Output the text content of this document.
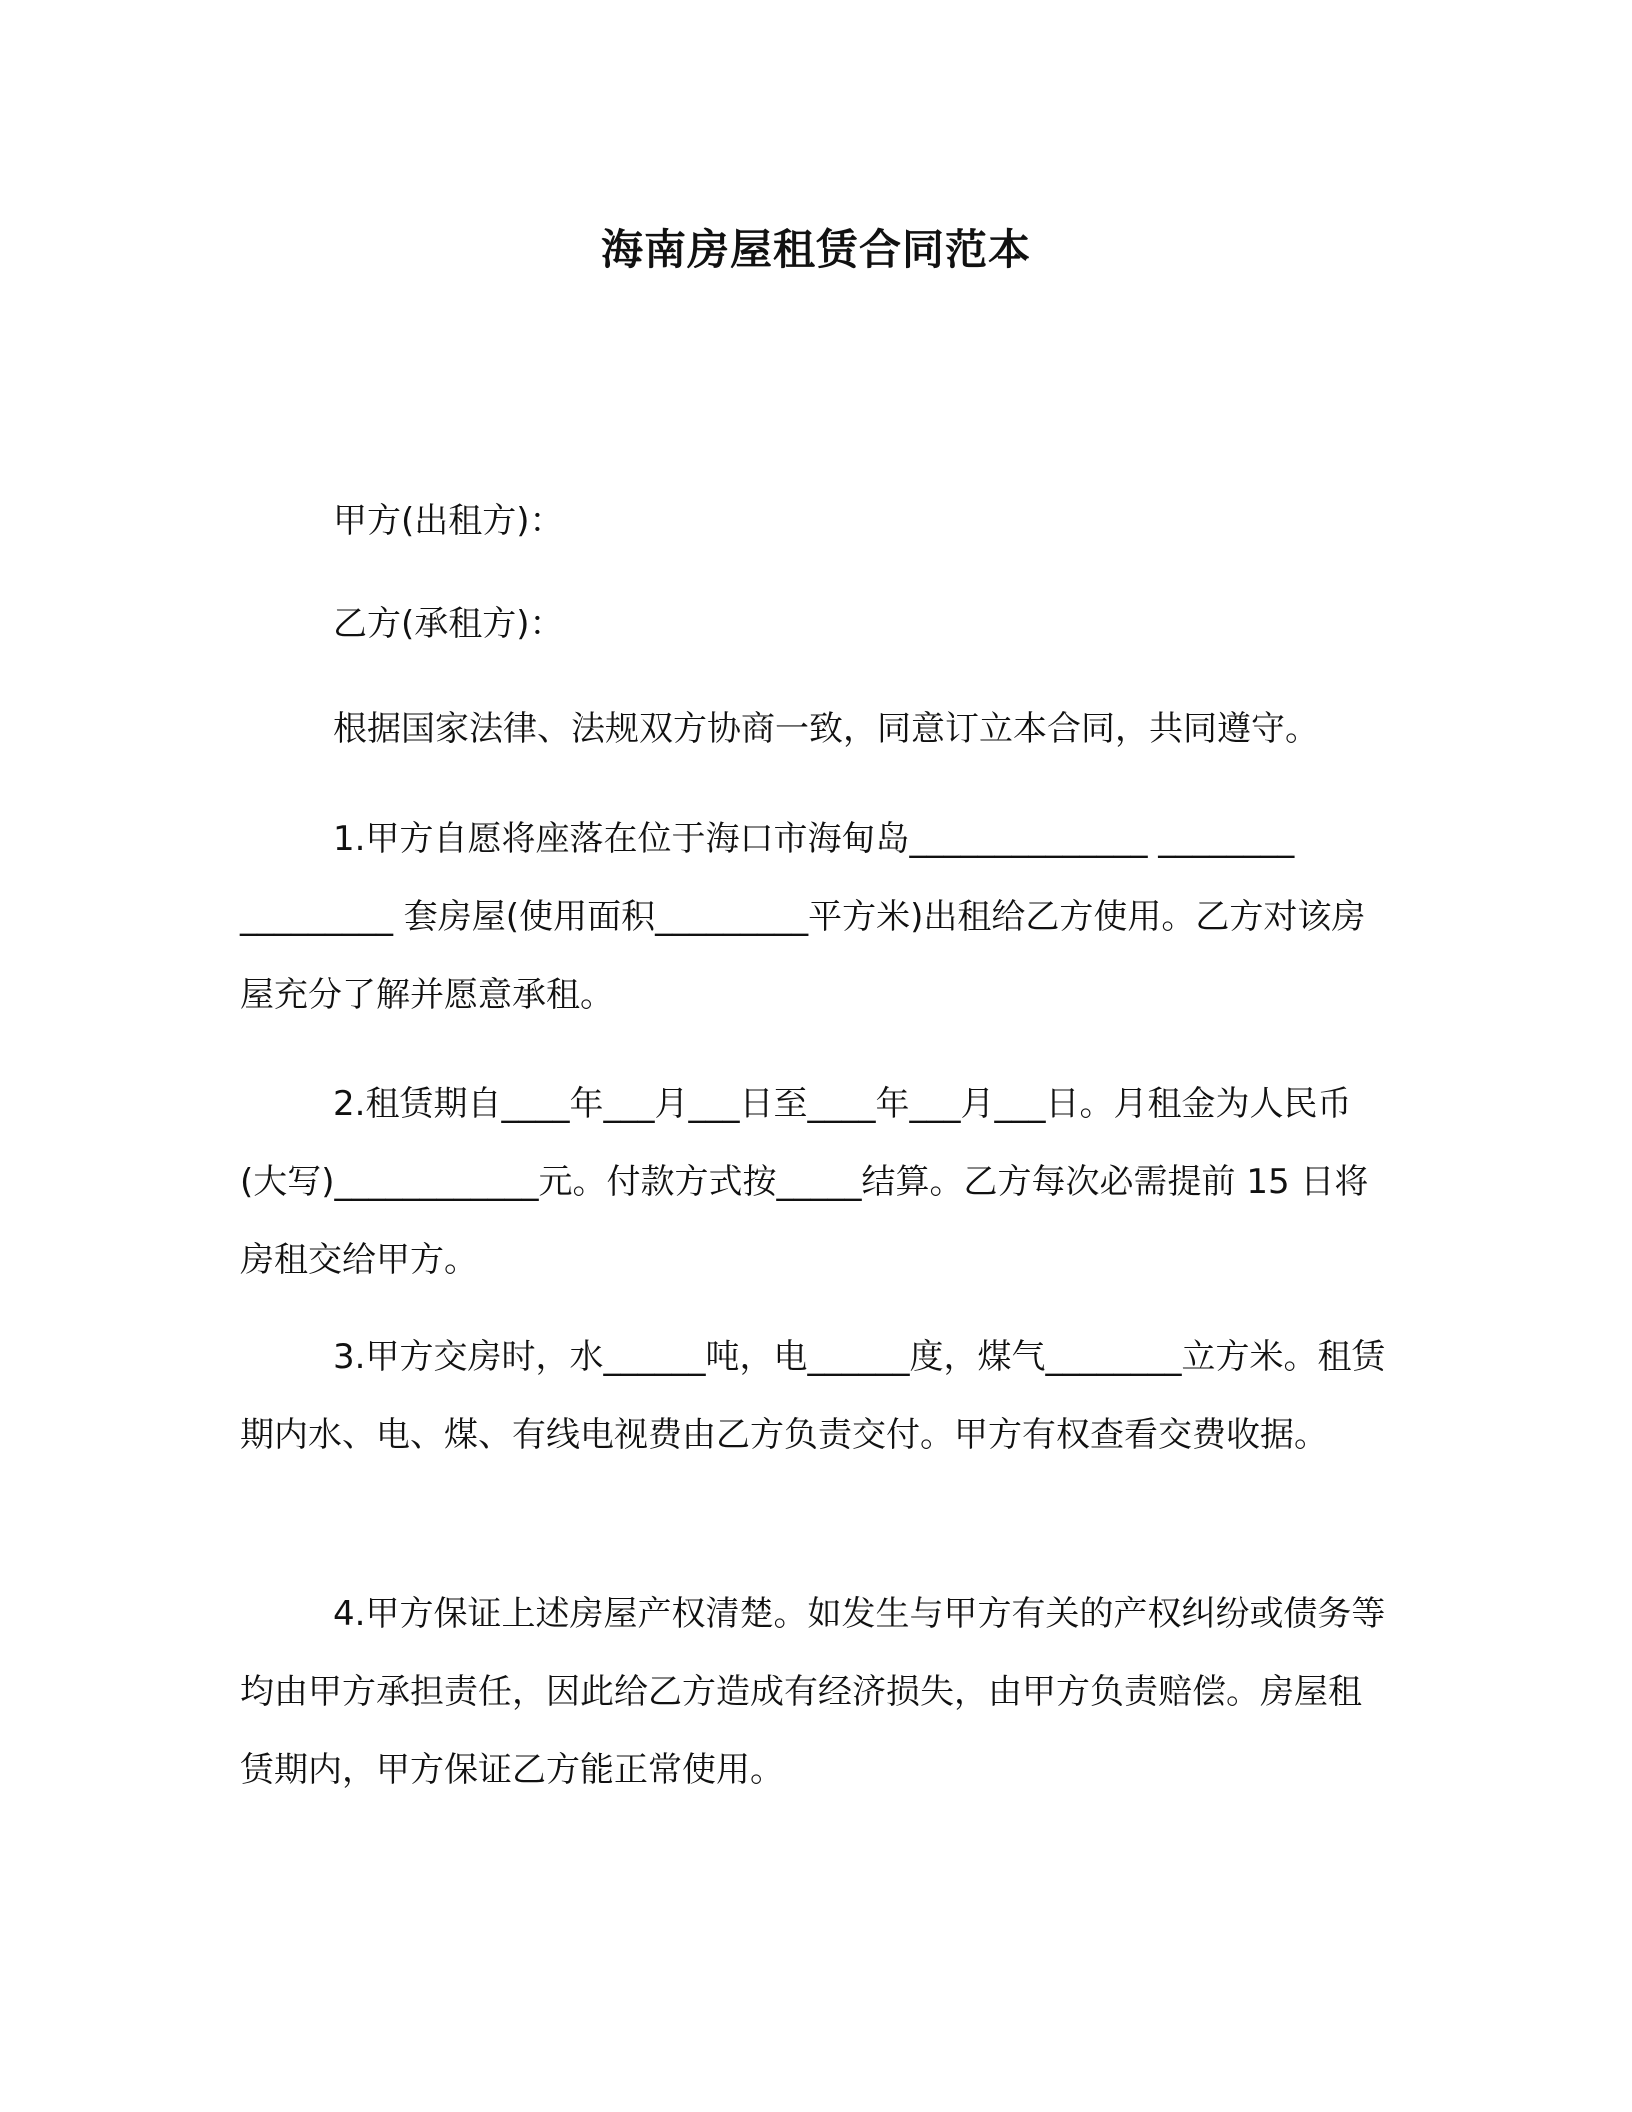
海南房屋租赁合同范本

甲方(出租方)：

乙方(承租方)：

根据国家法律、法规双方协商一致，同意订立本合同，共同遵守。

1.甲方自愿将座落在位于海口市海甸岛______________ ________ _________ 套房屋(使用面积_________平方米)出租给乙方使用。乙方对该房屋充分了解并愿意承租。

2.租赁期自____年___月___日至____年___月___日。月租金为人民币(大写)____________元。付款方式按_____结算。乙方每次必需提前 15 日将房租交给甲方。

3.甲方交房时，水______吨，电______度，煤气________立方米。租赁期内水、电、煤、有线电视费由乙方负责交付。甲方有权查看交费收据。

4.甲方保证上述房屋产权清楚。如发生与甲方有关的产权纠纷或债务等均由甲方承担责任，因此给乙方造成有经济损失，由甲方负责赔偿。房屋租赁期内，甲方保证乙方能正常使用。
